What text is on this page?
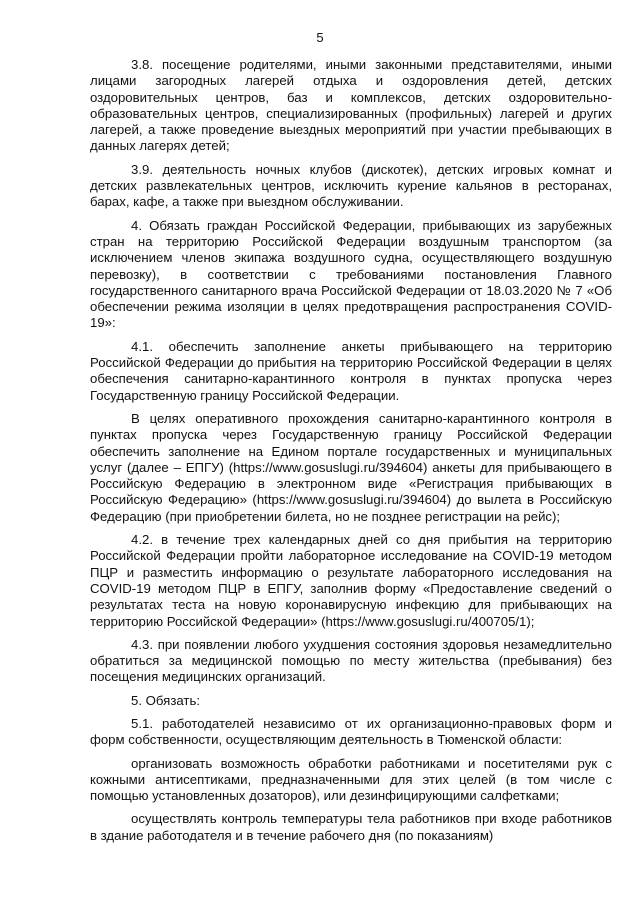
5

3.8. посещение родителями, иными законными представителями, иными лицами загородных лагерей отдыха и оздоровления детей, детских оздоровительных центров, баз и комплексов, детских оздоровительно-образовательных центров, специализированных (профильных) лагерей и других лагерей, а также проведение выездных мероприятий при участии пребывающих в данных лагерях детей;

3.9. деятельность ночных клубов (дискотек), детских игровых комнат и детских развлекательных центров, исключить курение кальянов в ресторанах, барах, кафе, а также при выездном обслуживании.

4. Обязать граждан Российской Федерации, прибывающих из зарубежных стран на территорию Российской Федерации воздушным транспортом (за исключением членов экипажа воздушного судна, осуществляющего воздушную перевозку), в соответствии с требованиями постановления Главного государственного санитарного врача Российской Федерации от 18.03.2020 № 7 «Об обеспечении режима изоляции в целях предотвращения распространения COVID-19»:

4.1. обеспечить заполнение анкеты прибывающего на территорию Российской Федерации до прибытия на территорию Российской Федерации в целях обеспечения санитарно-карантинного контроля в пунктах пропуска через Государственную границу Российской Федерации.

В целях оперативного прохождения санитарно-карантинного контроля в пунктах пропуска через Государственную границу Российской Федерации обеспечить заполнение на Едином портале государственных и муниципальных услуг (далее – ЕПГУ) (https://www.gosuslugi.ru/394604) анкеты для прибывающего в Российскую Федерацию в электронном виде «Регистрация прибывающих в Российскую Федерацию» (https://www.gosuslugi.ru/394604) до вылета в Российскую Федерацию (при приобретении билета, но не позднее регистрации на рейс);

4.2. в течение трех календарных дней со дня прибытия на территорию Российской Федерации пройти лабораторное исследование на COVID-19 методом ПЦР и разместить информацию о результате лабораторного исследования на COVID-19 методом ПЦР в ЕПГУ, заполнив форму «Предоставление сведений о результатах теста на новую коронавирусную инфекцию для прибывающих на территорию Российской Федерации» (https://www.gosuslugi.ru/400705/1);

4.3. при появлении любого ухудшения состояния здоровья незамедлительно обратиться за медицинской помощью по месту жительства (пребывания) без посещения медицинских организаций.

5. Обязать:

5.1. работодателей независимо от их организационно-правовых форм и форм собственности, осуществляющим деятельность в Тюменской области:

организовать возможность обработки работниками и посетителями рук с кожными антисептиками, предназначенными для этих целей (в том числе с помощью установленных дозаторов), или дезинфицирующими салфетками;

осуществлять контроль температуры тела работников при входе работников в здание работодателя и в течение рабочего дня (по показаниям)
